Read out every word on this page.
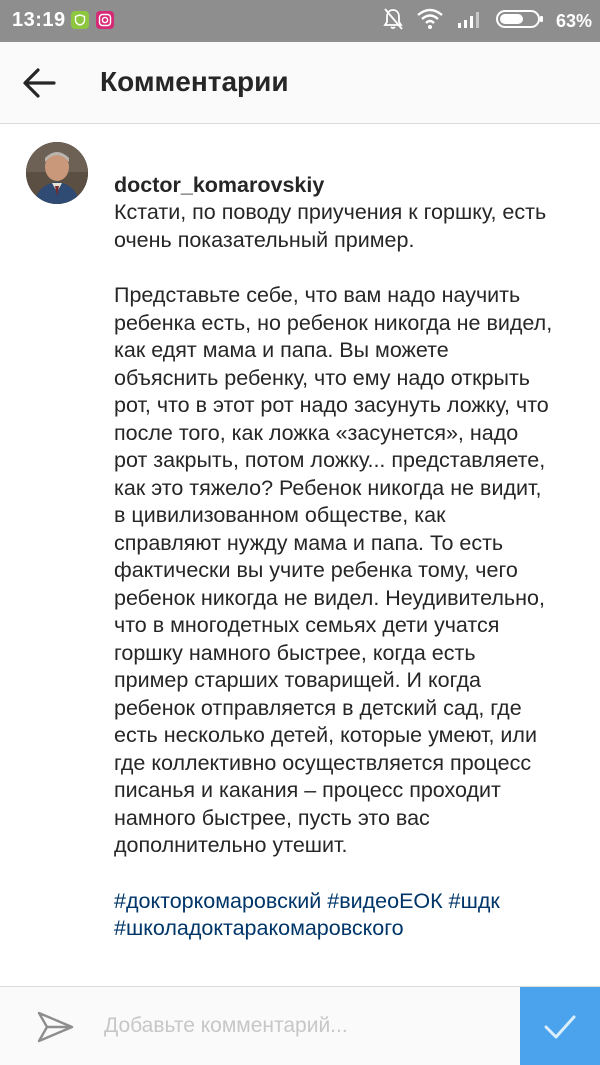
13:19	63%
Комментарии

doctor_komarovskiy
Кстати, по поводу приучения к горшку, есть очень показательный пример.

Представьте себе, что вам надо научить ребенка есть, но ребенок никогда не видел, как едят мама и папа. Вы можете объяснить ребенку, что ему надо открыть рот, что в этот рот надо засунуть ложку, что после того, как ложка «засунется», надо рот закрыть, потом ложку... представляете, как это тяжело? Ребенок никогда не видит, в цивилизованном обществе, как справляют нужду мама и папа. То есть фактически вы учите ребенка тому, чего ребенок никогда не видел. Неудивительно, что в многодетных семьях дети учатся горшку намного быстрее, когда есть пример старших товарищей. И когда ребенок отправляется в детский сад, где есть несколько детей, которые умеют, или где коллективно осуществляется процесс писанья и какания – процесс проходит намного быстрее, пусть это вас дополнительно утешит.
#докторкомаровский #видеоЕОК #шдк #школадоктаракомаровского
Добавьте комментарий...
